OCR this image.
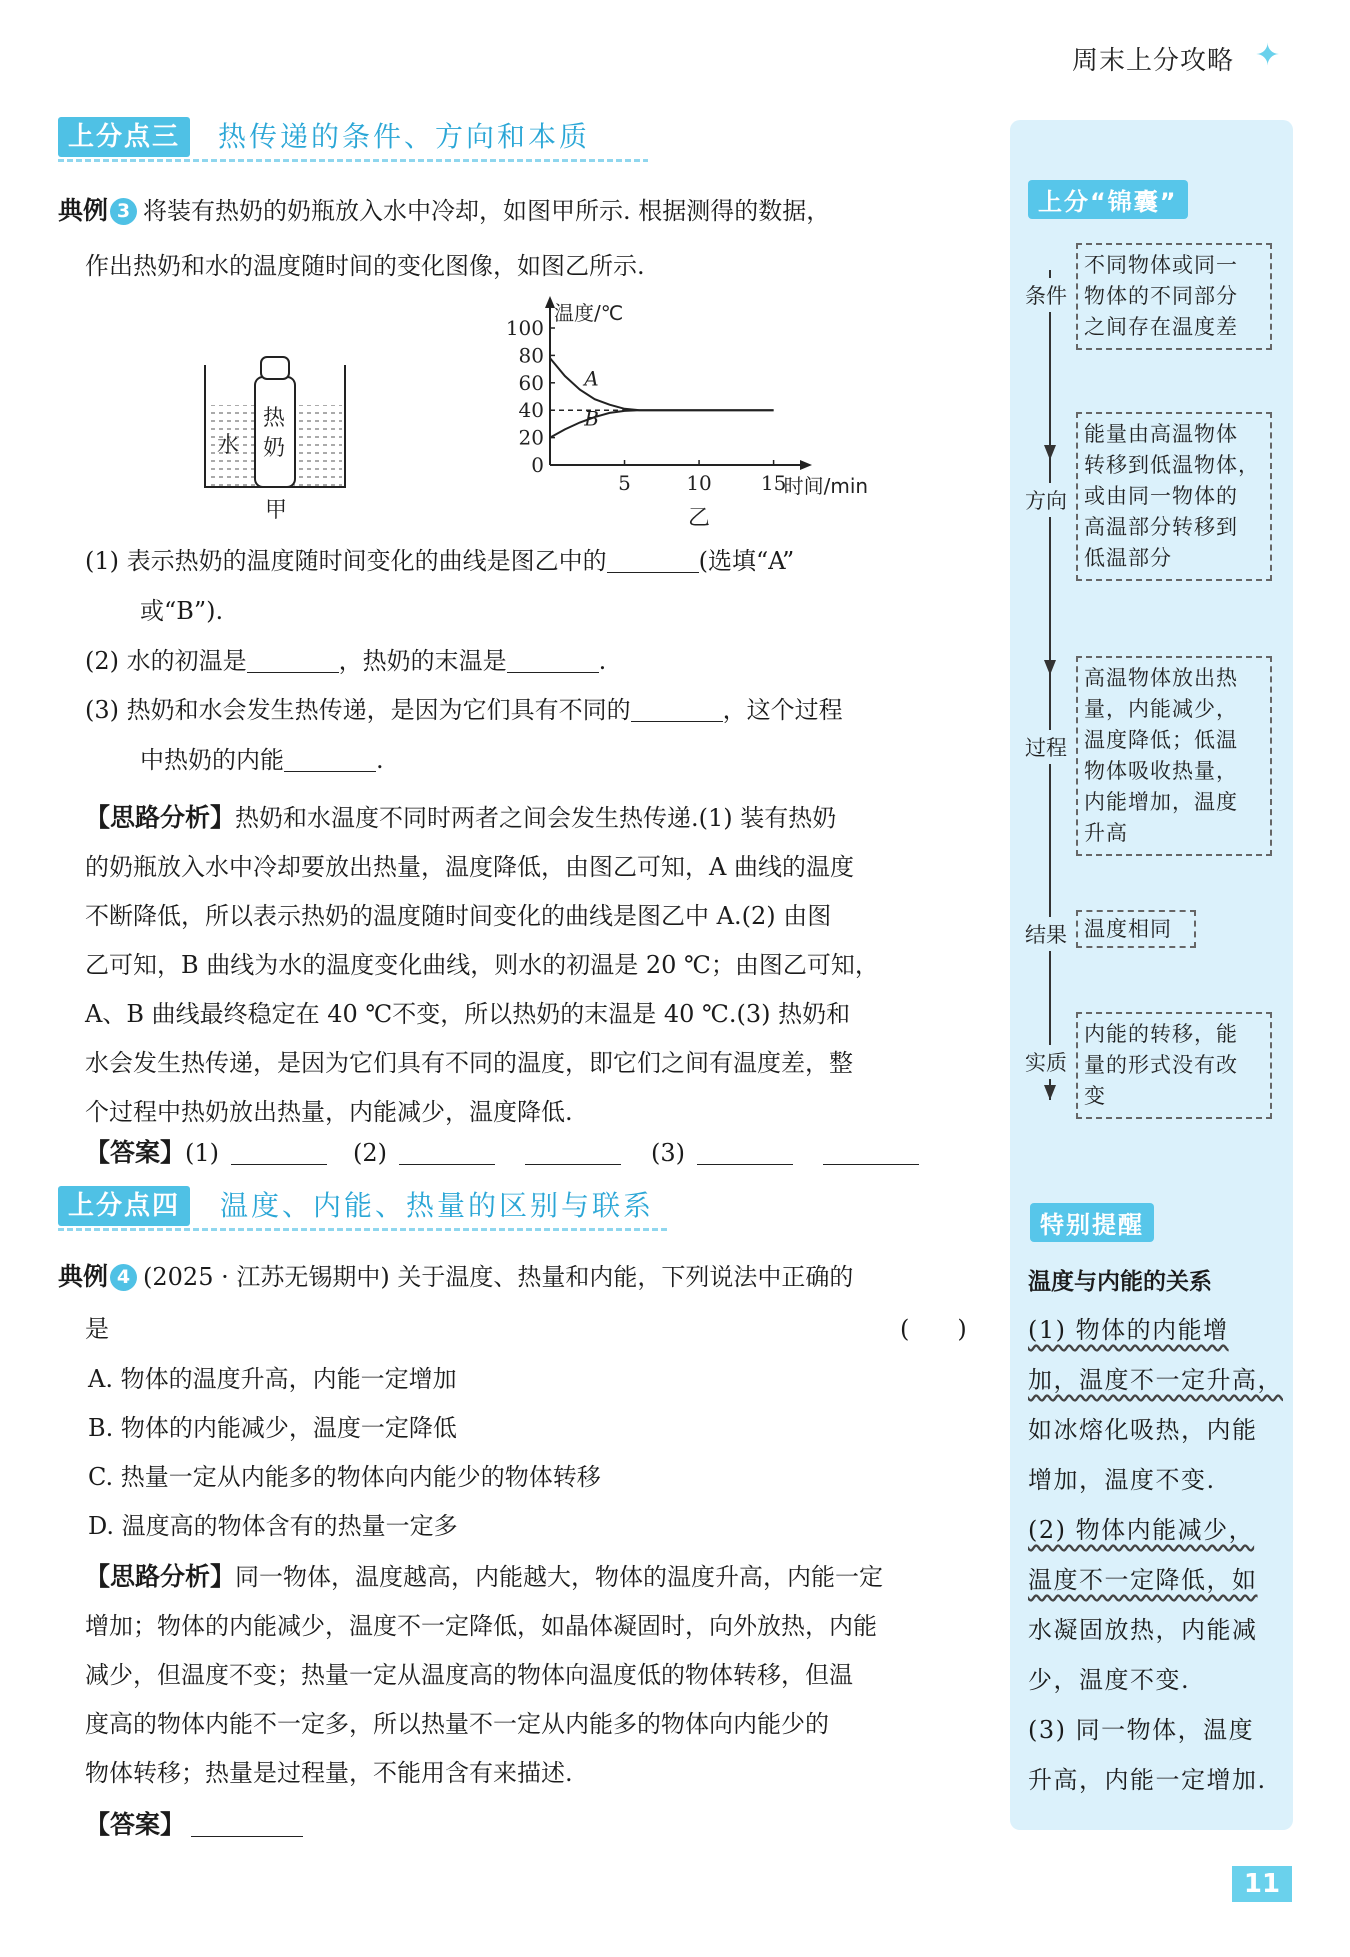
周末上分攻略 ✦
上分点三	热传递的条件、方向和本质
典例 3 将装有热奶的奶瓶放入水中冷却，如图甲所示. 根据测得的数据，
作出热奶和水的温度随时间的变化图像，如图乙所示.
水
热
奶
甲
0
20
40
60
80
100
5	10 15
温度/℃
时间/min
A
B
乙
(1) 表示热奶的温度随时间变化的曲线是图乙中的	(选填“A”
或“B”).
(2) 水的初温是	，热奶的末温是	.
(3) 热奶和水会发生热传递，是因为它们具有不同的	，这个过程
中热奶的内能	.
【思路分析】热奶和水温度不同时两者之间会发生热传递.(1) 装有热奶
的奶瓶放入水中冷却要放出热量，温度降低，由图乙可知，A 曲线的温度
不断降低，所以表示热奶的温度随时间变化的曲线是图乙中 A.(2) 由图
乙可知，B 曲线为水的温度变化曲线，则水的初温是 20 ℃；由图乙可知，
A、B 曲线最终稳定在 40 ℃不变，所以热奶的末温是 40 ℃.(3) 热奶和
水会发生热传递，是因为它们具有不同的温度，即它们之间有温度差，整
个过程中热奶放出热量，内能减少，温度降低.
【答案】(1)	(2)	(3)
上分点四	温度、内能、热量的区别与联系
典例 4 (2025 · 江苏无锡期中) 关于温度、热量和内能，下列说法中正确的
是	(　　)
A. 物体的温度升高，内能一定增加
B. 物体的内能减少，温度一定降低
C. 热量一定从内能多的物体向内能少的物体转移
D. 温度高的物体含有的热量一定多
【思路分析】同一物体，温度越高，内能越大，物体的温度升高，内能一定
增加；物体的内能减少，温度不一定降低，如晶体凝固时，向外放热，内能
减少，但温度不变；热量一定从温度高的物体向温度低的物体转移，但温
度高的物体内能不一定多，所以热量不一定从内能多的物体向内能少的
物体转移；热量是过程量，不能用含有来描述.
【答案】
上分“锦囊”
条件
不同物体或同一
物体的不同部分
之间存在温度差
方向
能量由高温物体
转移到低温物体，
或由同一物体的
高温部分转移到
低温部分
过程
高温物体放出热
量，内能减少，
温度降低；低温
物体吸收热量，
内能增加，温度
升高
结果 温度相同
实质
内能的转移，能
量的形式没有改
变
特别提醒
温度与内能的关系
(1) 物体的内能增
加，温度不一定升高，
如冰熔化吸热，内能
增加，温度不变.
(2) 物体内能减少，
温度不一定降低，如
水凝固放热，内能减
少，温度不变.
(3) 同一物体，温度
升高，内能一定增加.
11
